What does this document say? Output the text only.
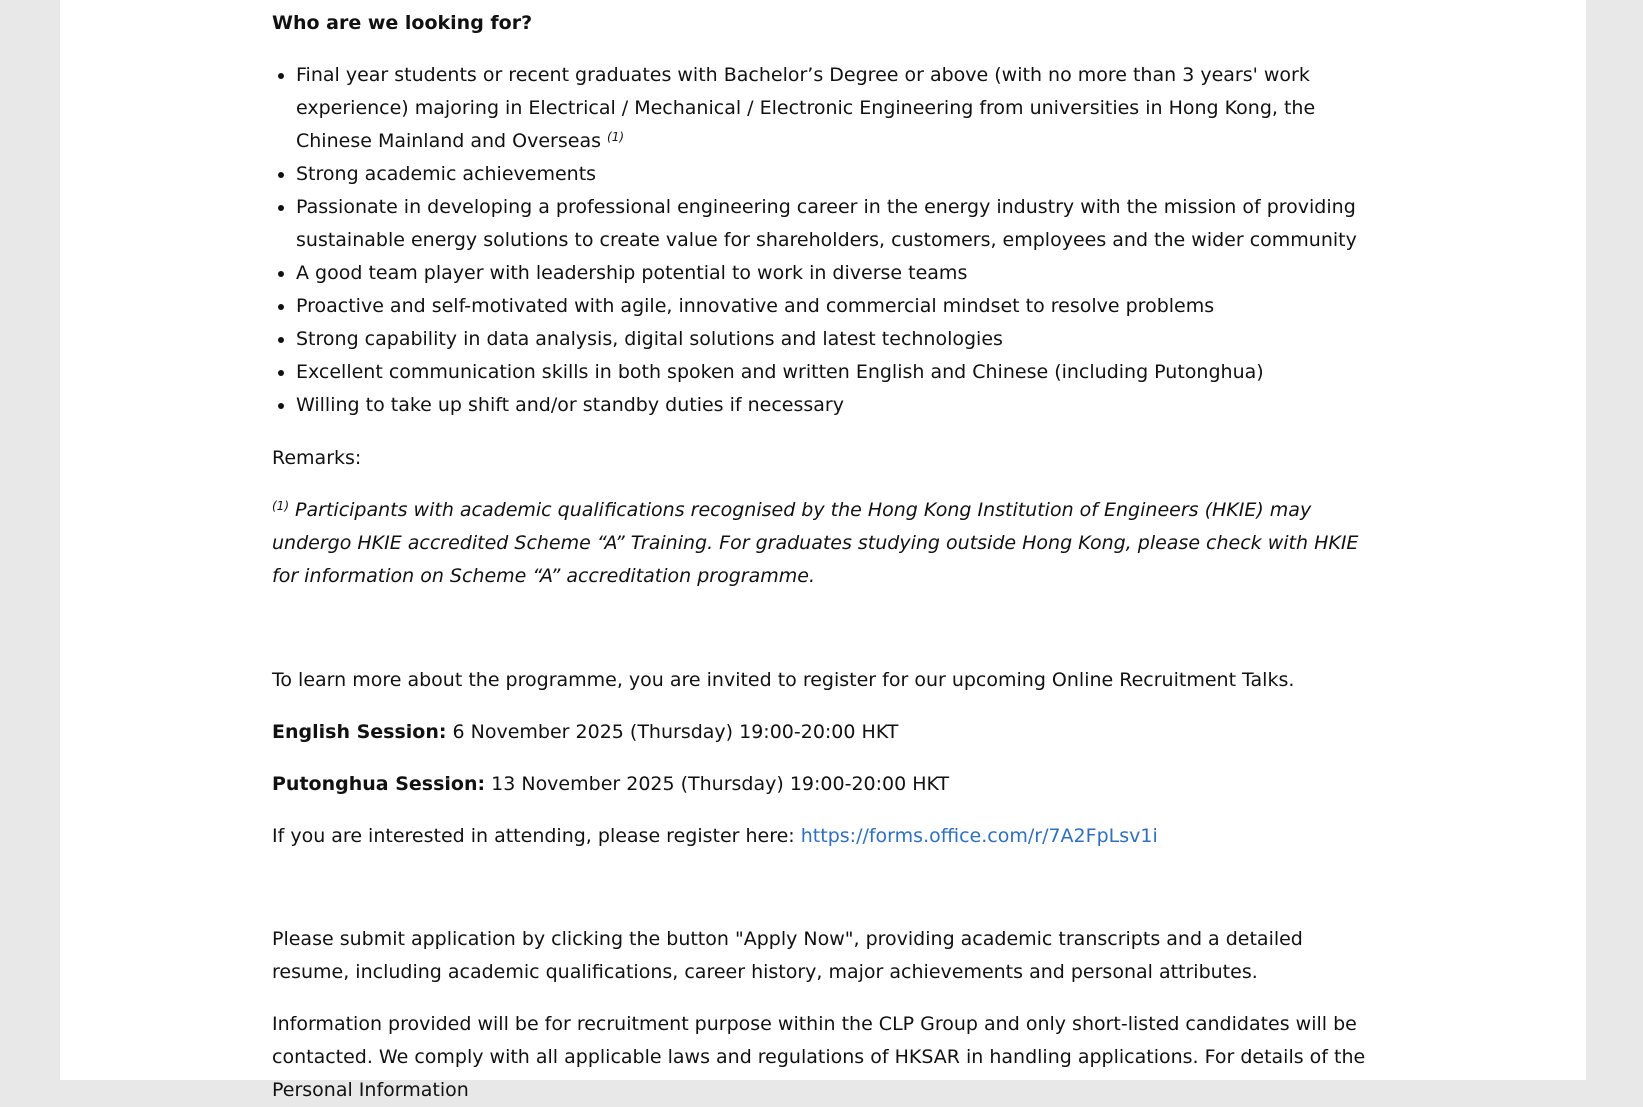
Who are we looking for?

• Final year students or recent graduates with Bachelor’s Degree or above (with no more than 3 years' work experience) majoring in Electrical / Mechanical / Electronic Engineering from universities in Hong Kong, the Chinese Mainland and Overseas $^{(1)}$
• Strong academic achievements
• Passionate in developing a professional engineering career in the energy industry with the mission of providing sustainable energy solutions to create value for shareholders, customers, employees and the wider community
• A good team player with leadership potential to work in diverse teams
• Proactive and self-motivated with agile, innovative and commercial mindset to resolve problems
• Strong capability in data analysis, digital solutions and latest technologies
• Excellent communication skills in both spoken and written English and Chinese (including Putonghua)
• Willing to take up shift and/or standby duties if necessary

Remarks:

$^{(1)}$ Participants with academic qualifications recognised by the Hong Kong Institution of Engineers (HKIE) may undergo HKIE accredited Scheme “A” Training. For graduates studying outside Hong Kong, please check with HKIE for information on Scheme “A” accreditation programme.

To learn more about the programme, you are invited to register for our upcoming Online Recruitment Talks.

English Session: 6 November 2025 (Thursday) 19:00-20:00 HKT

Putonghua Session: 13 November 2025 (Thursday) 19:00-20:00 HKT

If you are interested in attending, please register here: https://forms.office.com/r/7A2FpLsv1i

Please submit application by clicking the button "Apply Now", providing academic transcripts and a detailed resume, including academic qualifications, career history, major achievements and personal attributes.

Information provided will be for recruitment purpose within the CLP Group and only short-listed candidates will be contacted. We comply with all applicable laws and regulations of HKSAR in handling applications. For details of the Personal Information
